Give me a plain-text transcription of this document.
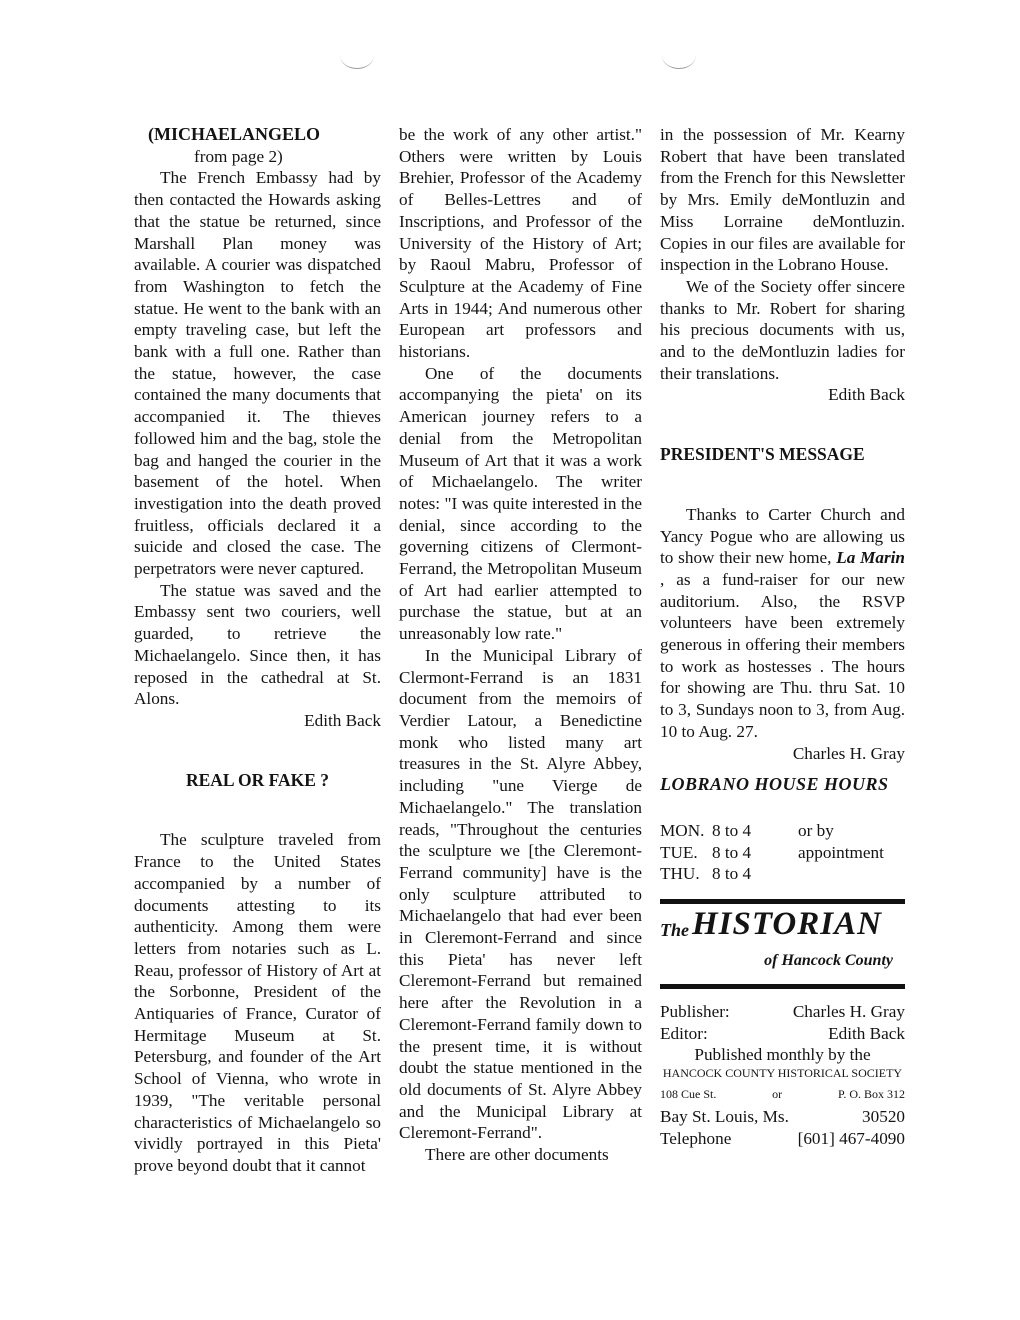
(MICHAELANGELO

from page 2)

The French Embassy had by then contacted the Howards asking that the statue be returned, since Marshall Plan money was available. A courier was dispatched from Washington to fetch the statue. He went to the bank with an empty traveling case, but left the bank with a full one. Rather than the statue, however, the case contained the many documents that accompanied it. The thieves followed him and the bag, stole the bag and hanged the courier in the basement of the hotel. When investigation into the death proved fruitless, officials declared it a suicide and closed the case. The perpetrators were never captured.

The statue was saved and the Embassy sent two couriers, well guarded, to retrieve the Michaelangelo. Since then, it has reposed in the cathedral at St. Alons.

Edith Back

REAL OR FAKE ?

The sculpture traveled from France to the United States accompanied by a number of documents attesting to its authenticity. Among them were letters from notaries such as L. Reau, professor of History of Art at the Sorbonne, President of the Antiquaries of France, Curator of Hermitage Museum at St. Petersburg, and founder of the Art School of Vienna, who wrote in 1939, "The veritable personal characteristics of Michaelangelo so vividly portrayed in this Pieta' prove beyond doubt that it cannot

be the work of any other artist." Others were written by Louis Brehier, Professor of the Academy of Belles-Lettres and of Inscriptions, and Professor of the University of the History of Art; by Raoul Mabru, Professor of Sculpture at the Academy of Fine Arts in 1944; And numerous other European art professors and historians.

One of the documents accompanying the pieta' on its American journey refers to a denial from the Metropolitan Museum of Art that it was a work of Michaelangelo. The writer notes: "I was quite interested in the denial, since according to the governing citizens of Clermont-Ferrand, the Metropolitan Museum of Art had earlier attempted to purchase the statue, but at an unreasonably low rate."

In the Municipal Library of Clermont-Ferrand is an 1831 document from the memoirs of Verdier Latour, a Benedictine monk who listed many art treasures in the St. Alyre Abbey, including "une Vierge de Michaelangelo." The translation reads, "Throughout the centuries the sculpture we [the Cleremont-Ferrand community] have is the only sculpture attributed to Michaelangelo that had ever been in Cleremont-Ferrand and since this Pieta' has never left Cleremont-Ferrand but remained here after the Revolution in a Cleremont-Ferrand family down to the present time, it is without doubt the statue mentioned in the old documents of St. Alyre Abbey and the Municipal Library at Cleremont-Ferrand".

There are other documents

in the possession of Mr. Kearny Robert that have been translated from the French for this Newsletter by Mrs. Emily deMontluzin and Miss Lorraine deMontluzin. Copies in our files are available for inspection in the Lobrano House.

We of the Society offer sincere thanks to Mr. Robert for sharing his precious documents with us, and to the deMontluzin ladies for their translations.

Edith Back

PRESIDENT'S MESSAGE

Thanks to Carter Church and Yancy Pogue who are allowing us to show their new home, La Marin , as a fund-raiser for our new auditorium. Also, the RSVP volunteers have been extremely generous in offering their members to work as hostesses . The hours for showing are Thu. thru Sat. 10 to 3, Sundays noon to 3, from Aug. 10 to Aug. 27.

Charles H. Gray

LOBRANO HOUSE HOURS

MON. 8 to 4	or by
TUE. 8 to 4	appointment
THU. 8 to 4
The HISTORIAN
of Hancock County
Publisher:	Charles H. Gray
Editor:	Edith Back
Published monthly by the
HANCOCK COUNTY HISTORICAL SOCIETY
108 Cue St.	or	P. O. Box 312
Bay St. Louis, Ms.	30520
Telephone	[601] 467-4090
